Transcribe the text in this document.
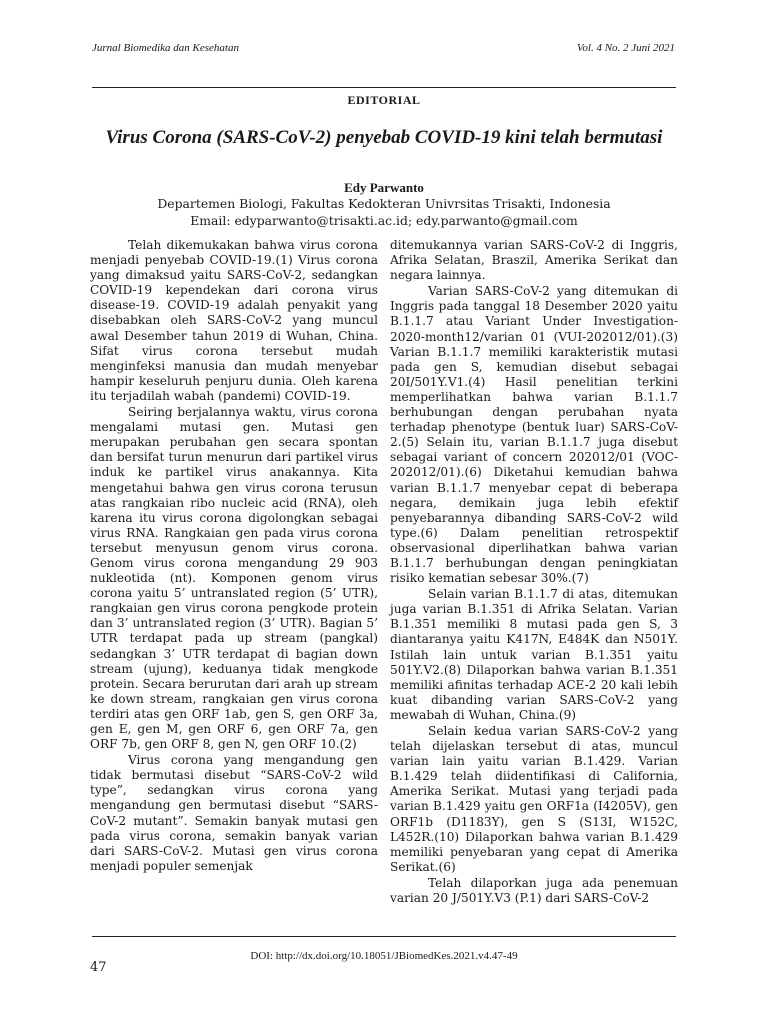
Jurnal Biomedika dan Kesehatan	Vol. 4 No. 2 Juni 2021
EDITORIAL
Virus Corona (SARS-CoV-2) penyebab COVID-19 kini telah bermutasi
Edy Parwanto
Departemen Biologi, Fakultas Kedokteran Univrsitas Trisakti, Indonesia
Email: edyparwanto@trisakti.ac.id; edy.parwanto@gmail.com

Telah dikemukakan bahwa virus corona menjadi penyebab COVID-19.(1) Virus corona yang dimaksud yaitu SARS-CoV-2, sedangkan COVID-19 kependekan dari corona virus disease-19. COVID-19 adalah penyakit yang disebabkan oleh SARS-CoV-2 yang muncul awal Desember tahun 2019 di Wuhan, China. Sifat virus corona tersebut mudah menginfeksi manusia dan mudah menyebar hampir keseluruh penjuru dunia. Oleh karena itu terjadilah wabah (pandemi) COVID-19.

Seiring berjalannya waktu, virus corona mengalami mutasi gen. Mutasi gen merupakan perubahan gen secara spontan dan bersifat turun menurun dari partikel virus induk ke partikel virus anakannya. Kita mengetahui bahwa gen virus corona terusun atas rangkaian ribo nucleic acid (RNA), oleh karena itu virus corona digolongkan sebagai virus RNA. Rangkaian gen pada virus corona tersebut menyusun genom virus corona. Genom virus corona mengandung 29 903 nukleotida (nt). Komponen genom virus corona yaitu 5’ untranslated region (5’ UTR), rangkaian gen virus corona pengkode protein dan 3’ untranslated region (3’ UTR). Bagian 5’ UTR terdapat pada up stream (pangkal) sedangkan 3’ UTR terdapat di bagian down stream (ujung), keduanya tidak mengkode protein. Secara berurutan dari arah up stream ke down stream, rangkaian gen virus corona terdiri atas gen ORF 1ab, gen S, gen ORF 3a, gen E, gen M, gen ORF 6, gen ORF 7a, gen ORF 7b, gen ORF 8, gen N, gen ORF 10.(2)

Virus corona yang mengandung gen tidak bermutasi disebut “SARS-CoV-2 wild type”, sedangkan virus corona yang mengandung gen bermutasi disebut “SARS-CoV-2 mutant”. Semakin banyak mutasi gen pada virus corona, semakin banyak varian dari SARS-CoV-2. Mutasi gen virus corona menjadi populer semenjak

ditemukannya varian SARS-CoV-2 di Inggris, Afrika Selatan, Braszil, Amerika Serikat dan negara lainnya.

Varian SARS-CoV-2 yang ditemukan di Inggris pada tanggal 18 Desember 2020 yaitu B.1.1.7 atau Variant Under Investigation-2020-month12/varian 01 (VUI-202012/01).(3) Varian B.1.1.7 memiliki karakteristik mutasi pada gen S, kemudian disebut sebagai 20I/501Y.V1.(4) Hasil penelitian terkini memperlihatkan bahwa varian B.1.1.7 berhubungan dengan perubahan nyata terhadap phenotype (bentuk luar) SARS-CoV-2.(5) Selain itu, varian B.1.1.7 juga disebut sebagai variant of concern 202012/01 (VOC-202012/01).(6) Diketahui kemudian bahwa varian B.1.1.7 menyebar cepat di beberapa negara, demikain juga lebih efektif penyebarannya dibanding SARS-CoV-2 wild type.(6) Dalam penelitian retrospektif observasional diperlihatkan bahwa varian B.1.1.7 berhubungan dengan peningkiatan risiko kematian sebesar 30%.(7)

Selain varian B.1.1.7 di atas, ditemukan juga varian B.1.351 di Afrika Selatan. Varian B.1.351 memiliki 8 mutasi pada gen S, 3 diantaranya yaitu K417N, E484K dan N501Y. Istilah lain untuk varian B.1.351 yaitu 501Y.V2.(8) Dilaporkan bahwa varian B.1.351 memiliki afinitas terhadap ACE-2 20 kali lebih kuat dibanding varian SARS-CoV-2 yang mewabah di Wuhan, China.(9)

Selain kedua varian SARS-CoV-2 yang telah dijelaskan tersebut di atas, muncul varian lain yaitu varian B.1.429. Varian B.1.429 telah diidentifikasi di California, Amerika Serikat. Mutasi yang terjadi pada varian B.1.429 yaitu gen ORF1a (I4205V), gen ORF1b (D1183Y), gen S (S13I, W152C, L452R.(10) Dilaporkan bahwa varian B.1.429 memiliki penyebaran yang cepat di Amerika Serikat.(6)

Telah dilaporkan juga ada penemuan varian 20 J/501Y.V3 (P.1) dari SARS-CoV-2

DOI: http://dx.doi.org/10.18051/JBiomedKes.2021.v4.47-49
47
